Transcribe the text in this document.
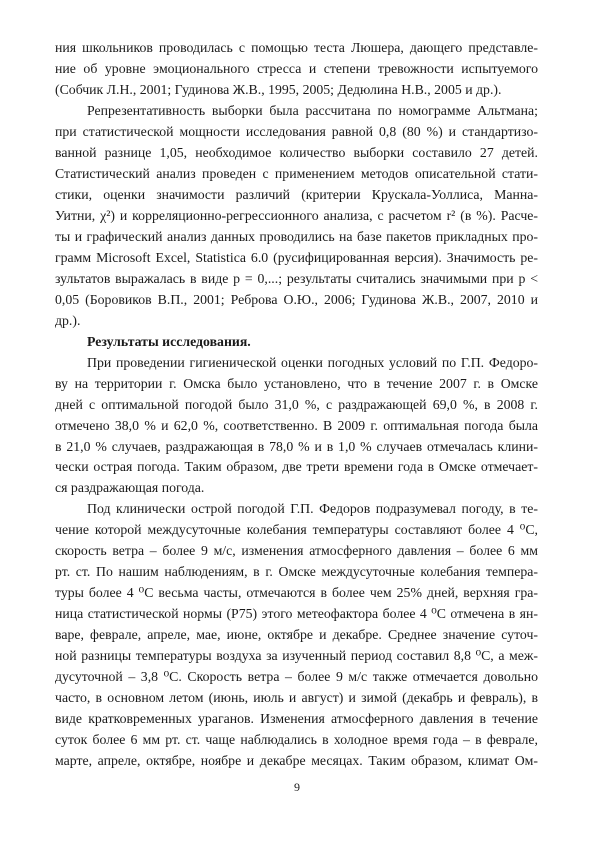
ния школьников проводилась с помощью теста Люшера, дающего представле-
ние об уровне эмоционального стресса и степени тревожности испытуемого
(Собчик Л.Н., 2001; Гудинова Ж.В., 1995, 2005; Дедюлина Н.В., 2005 и др.).
Репрезентативность выборки была рассчитана по номограмме Альтмана;
при статистической мощности исследования равной 0,8 (80 %) и стандартизо-
ванной разнице 1,05, необходимое количество выборки составило 27 детей.
Статистический анализ проведен с применением методов описательной стати-
стики, оценки значимости различий (критерии Крускала-Уоллиса, Манна-
Уитни, χ²) и корреляционно-регрессионного анализа, с расчетом r² (в %). Расче-
ты и графический анализ данных проводились на базе пакетов прикладных про-
грамм Microsoft Excel, Statistica 6.0 (русифицированная версия). Значимость ре-
зультатов выражалась в виде p = 0,...; результаты считались значимыми при p <
0,05 (Боровиков В.П., 2001; Реброва О.Ю., 2006; Гудинова Ж.В., 2007, 2010 и
др.).
Результаты исследования.
При проведении гигиенической оценки погодных условий по Г.П. Федоро-
ву на территории г. Омска было установлено, что в течение 2007 г. в Омске
дней с оптимальной погодой было 31,0 %, с раздражающей 69,0 %, в 2008 г.
отмечено 38,0 % и 62,0 %, соответственно. В 2009 г. оптимальная погода была
в 21,0 % случаев, раздражающая в 78,0 % и в 1,0 % случаев отмечалась клини-
чески острая погода. Таким образом, две трети времени года в Омске отмечает-
ся раздражающая погода.
Под клинически острой погодой Г.П. Федоров подразумевал погоду, в те-
чение которой междусуточные колебания температуры составляют более 4 ⁰С,
скорость ветра – более 9 м/с, изменения атмосферного давления – более 6 мм
рт. ст. По нашим наблюдениям, в г. Омске междусуточные колебания темпера-
туры более 4 ⁰С весьма часты, отмечаются в более чем 25% дней, верхняя гра-
ница статистической нормы (P75) этого метеофактора более 4 ⁰С отмечена в ян-
варе, феврале, апреле, мае, июне, октябре и декабре. Среднее значение суточ-
ной разницы температуры воздуха за изученный период составил 8,8 ⁰С, а меж-
дусуточной – 3,8 ⁰С. Скорость ветра – более 9 м/с также отмечается довольно
часто, в основном летом (июнь, июль и август) и зимой (декабрь и февраль), в
виде кратковременных ураганов. Изменения атмосферного давления в течение
суток более 6 мм рт. ст. чаще наблюдались в холодное время года – в феврале,
марте, апреле, октябре, ноябре и декабре месяцах. Таким образом, климат Ом-
9
